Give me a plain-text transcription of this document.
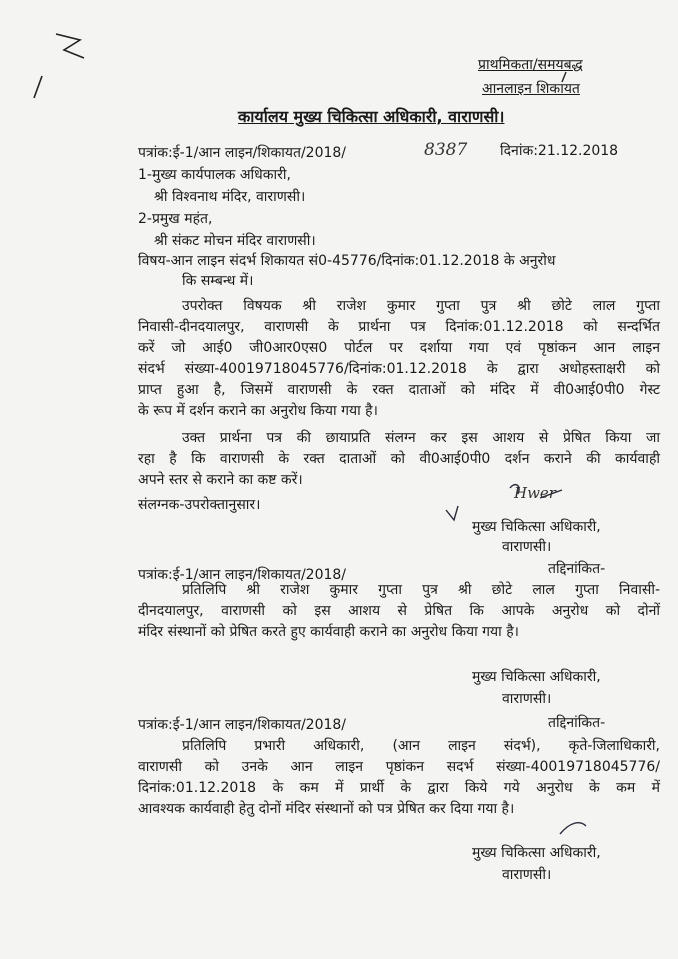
प्राथमिकता/समयबद्ध
आनलाइन शिकायत
कार्यालय मुख्य चिकित्सा अधिकारी, वाराणसी।
पत्रांक:ई-1/आन लाइन/शिकायत/2018/	8387 दिनांक:21.12.2018
1-मुख्य कार्यपालक अधिकारी,
श्री विश्वनाथ मंदिर, वाराणसी।
2-प्रमुख महंत,
श्री संकट मोचन मंदिर वाराणसी।
विषय-आन लाइन संदर्भ शिकायत सं0-45776/दिनांक:01.12.2018 के अनुरोध
कि सम्बन्ध में।

उपरोक्त विषयक श्री राजेश कुमार गुप्ता पुत्र श्री छोटे लाल गुप्ता

निवासी-दीनदयालपुर, वाराणसी के प्रार्थना पत्र दिनांक:01.12.2018 को सन्दर्भित

करें जो आई0 जी0आर0एस0 पोर्टल पर दर्शाया गया एवं पृष्ठांकन आन लाइन

संदर्भ संख्या-40019718045776/दिनांक:01.12.2018 के द्वारा अधोहस्ताक्षरी को

प्राप्त हुआ है, जिसमें वाराणसी के रक्त दाताओं को मंदिर में वी0आई0पी0 गेस्ट

के रूप में दर्शन कराने का अनुरोध किया गया है।

उक्त प्रार्थना पत्र की छायाप्रति संलग्न कर इस आशय से प्रेषित किया जा

रहा है कि वाराणसी के रक्त दाताओं को वी0आई0पी0 दर्शन कराने की कार्यवाही

अपने स्तर से कराने का कष्ट करें।

संलग्नक-उपरोक्तानुसार।
Hwer
मुख्य चिकित्सा अधिकारी,
वाराणसी।
पत्रांक:ई-1/आन लाइन/शिकायत/2018/	तद्दिनांकित-

प्रतिलिपि श्री राजेश कुमार गुप्ता पुत्र श्री छोटे लाल गुप्ता निवासी-

दीनदयालपुर, वाराणसी को इस आशय से प्रेषित कि आपके अनुरोध को दोनों

मंदिर संस्थानों को प्रेषित करते हुए कार्यवाही कराने का अनुरोध किया गया है।

मुख्य चिकित्सा अधिकारी,
वाराणसी।
पत्रांक:ई-1/आन लाइन/शिकायत/2018/	तद्दिनांकित-

प्रतिलिपि प्रभारी अधिकारी, (आन लाइन संदर्भ), कृते-जिलाधिकारी,

वाराणसी को उनके आन लाइन पृष्ठांकन सदर्भ संख्या-40019718045776/

दिनांक:01.12.2018 के कम में प्रार्थी के द्वारा किये गये अनुरोध के कम में

आवश्यक कार्यवाही हेतु दोनों मंदिर संस्थानों को पत्र प्रेषित कर दिया गया है।

मुख्य चिकित्सा अधिकारी,
वाराणसी।
